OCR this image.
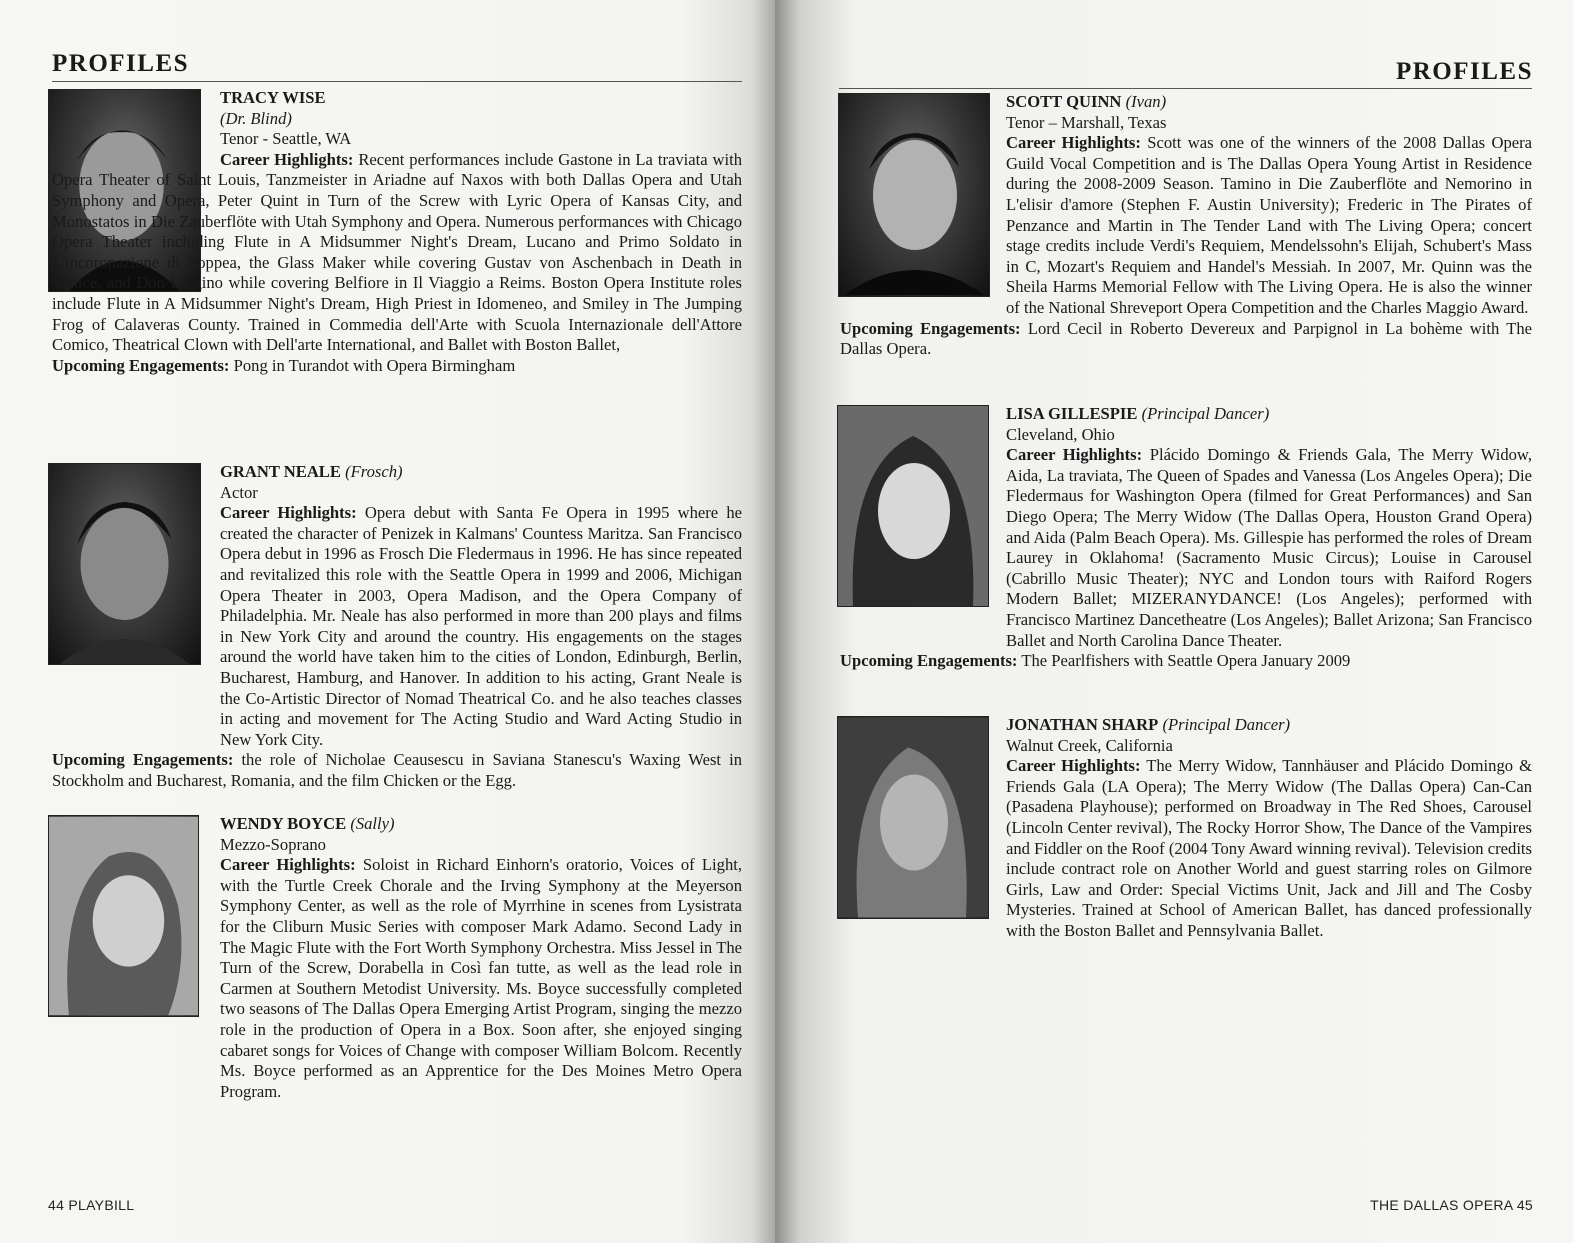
PROFILES

TRACY WISE

(Dr. Blind)

Tenor - Seattle, WA

Career Highlights: Recent performances include Gastone in La traviata with Opera Theater of Saint Louis, Tanzmeister in Ariadne auf Naxos with both Dallas Opera and Utah Symphony and Opera, Peter Quint in Turn of the Screw with Lyric Opera of Kansas City, and Monostatos in Die Zauberflöte with Utah Symphony and Opera. Numerous performances with Chicago Opera Theater including Flute in A Midsummer Night's Dream, Lucano and Primo Soldato in L'incoronazione di Poppea, the Glass Maker while covering Gustav von Aschenbach in Death in Venice, and Don Luigino while covering Belfiore in Il Viaggio a Reims. Boston Opera Institute roles include Flute in A Midsummer Night's Dream, High Priest in Idomeneo, and Smiley in The Jumping Frog of Calaveras County. Trained in Commedia dell'Arte with Scuola Internazionale dell'Attore Comico, Theatrical Clown with Dell'arte International, and Ballet with Boston Ballet,

Upcoming Engagements: Pong in Turandot with Opera Birmingham

GRANT NEALE (Frosch)

Actor

Career Highlights: Opera debut with Santa Fe Opera in 1995 where he created the character of Penizek in Kalmans' Countess Maritza. San Francisco Opera debut in 1996 as Frosch Die Fledermaus in 1996. He has since repeated and revitalized this role with the Seattle Opera in 1999 and 2006, Michigan Opera Theater in 2003, Opera Madison, and the Opera Company of Philadelphia. Mr. Neale has also performed in more than 200 plays and films in New York City and around the country. His engagements on the stages around the world have taken him to the cities of London, Edinburgh, Berlin, Bucharest, Hamburg, and Hanover. In addition to his acting, Grant Neale is the Co-Artistic Director of Nomad Theatrical Co. and he also teaches classes in acting and movement for The Acting Studio and Ward Acting Studio in New York City.

Upcoming Engagements: the role of Nicholae Ceausescu in Saviana Stanescu's Waxing West in Stockholm and Bucharest, Romania, and the film Chicken or the Egg.

WENDY BOYCE (Sally)

Mezzo-Soprano

Career Highlights: Soloist in Richard Einhorn's oratorio, Voices of Light, with the Turtle Creek Chorale and the Irving Symphony at the Meyerson Symphony Center, as well as the role of Myrrhine in scenes from Lysistrata for the Cliburn Music Series with composer Mark Adamo. Second Lady in The Magic Flute with the Fort Worth Symphony Orchestra. Miss Jessel in The Turn of the Screw, Dorabella in Così fan tutte, as well as the lead role in Carmen at Southern Metodist University. Ms. Boyce successfully completed two seasons of The Dallas Opera Emerging Artist Program, singing the mezzo role in the production of Opera in a Box. Soon after, she enjoyed singing cabaret songs for Voices of Change with composer William Bolcom. Recently Ms. Boyce performed as an Apprentice for the Des Moines Metro Opera Program.

44 PLAYBILL
PROFILES

SCOTT QUINN (Ivan)

Tenor – Marshall, Texas

Career Highlights: Scott was one of the winners of the 2008 Dallas Opera Guild Vocal Competition and is The Dallas Opera Young Artist in Residence during the 2008-2009 Season. Tamino in Die Zauberflöte and Nemorino in L'elisir d'amore (Stephen F. Austin University); Frederic in The Pirates of Penzance and Martin in The Tender Land with The Living Opera; concert stage credits include Verdi's Requiem, Mendelssohn's Elijah, Schubert's Mass in C, Mozart's Requiem and Handel's Messiah. In 2007, Mr. Quinn was the Sheila Harms Memorial Fellow with The Living Opera. He is also the winner of the National Shreveport Opera Competition and the Charles Maggio Award.

Upcoming Engagements: Lord Cecil in Roberto Devereux and Parpignol in La bohème with The Dallas Opera.

LISA GILLESPIE (Principal Dancer)

Cleveland, Ohio

Career Highlights: Plácido Domingo & Friends Gala, The Merry Widow, Aida, La traviata, The Queen of Spades and Vanessa (Los Angeles Opera); Die Fledermaus for Washington Opera (filmed for Great Performances) and San Diego Opera; The Merry Widow (The Dallas Opera, Houston Grand Opera) and Aida (Palm Beach Opera). Ms. Gillespie has performed the roles of Dream Laurey in Oklahoma! (Sacramento Music Circus); Louise in Carousel (Cabrillo Music Theater); NYC and London tours with Raiford Rogers Modern Ballet; MIZERANYDANCE! (Los Angeles); performed with Francisco Martinez Dancetheatre (Los Angeles); Ballet Arizona; San Francisco Ballet and North Carolina Dance Theater.

Upcoming Engagements: The Pearlfishers with Seattle Opera January 2009

JONATHAN SHARP (Principal Dancer)

Walnut Creek, California

Career Highlights: The Merry Widow, Tannhäuser and Plácido Domingo & Friends Gala (LA Opera); The Merry Widow (The Dallas Opera) Can-Can (Pasadena Playhouse); performed on Broadway in The Red Shoes, Carousel (Lincoln Center revival), The Rocky Horror Show, The Dance of the Vampires and Fiddler on the Roof (2004 Tony Award winning revival). Television credits include contract role on Another World and guest starring roles on Gilmore Girls, Law and Order: Special Victims Unit, Jack and Jill and The Cosby Mysteries. Trained at School of American Ballet, has danced professionally with the Boston Ballet and Pennsylvania Ballet.

THE DALLAS OPERA 45
